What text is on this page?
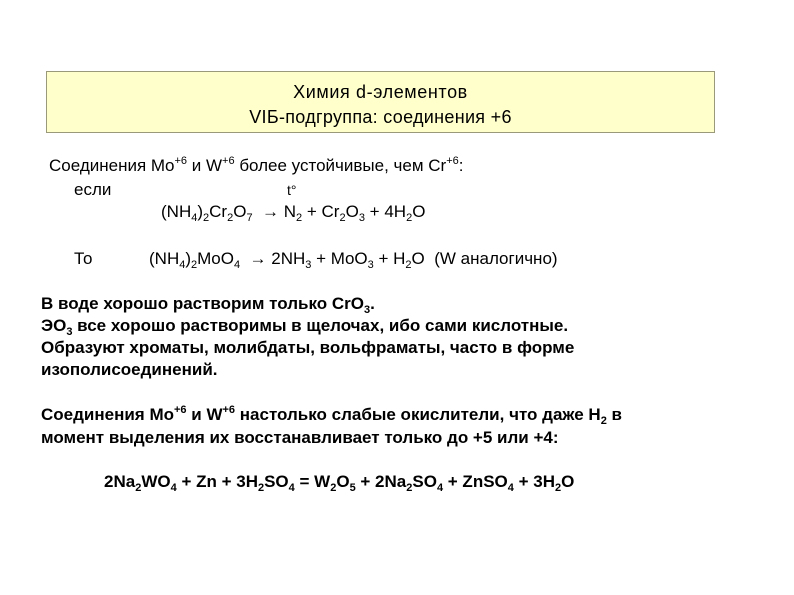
Химия d-элементов
VIБ-подгруппа: соединения +6
Соединения $Mo^{+6}$ и $W^{+6}$ более устойчивые, чем $Cr^{+6}$:
если	t°
$(NH_4)_2Cr_2O_7 \to N_2 + Cr_2O_3 + 4H_2O$
То	$(NH_4)_2MoO_4 \to 2NH_3 + MoO_3 + H_2O$  (W аналогично)
В воде хорошо растворим только CrO$_3$.
$ЭO_3$ все хорошо растворимы в щелочах, ибо сами кислотные.
Образуют хроматы, молибдаты, вольфраматы, часто в форме
изополисоединений.
Соединения $Mo^{+6}$ и $W^{+6}$ настолько слабые окислители, что даже $H_2$ в
момент выделения их восстанавливает только до +5 или +4:
$2Na_2WO_4 + Zn + 3H_2SO_4 = W_2O_5 + 2Na_2SO_4$ + ZnSO$_4$ + $3H_2O$
